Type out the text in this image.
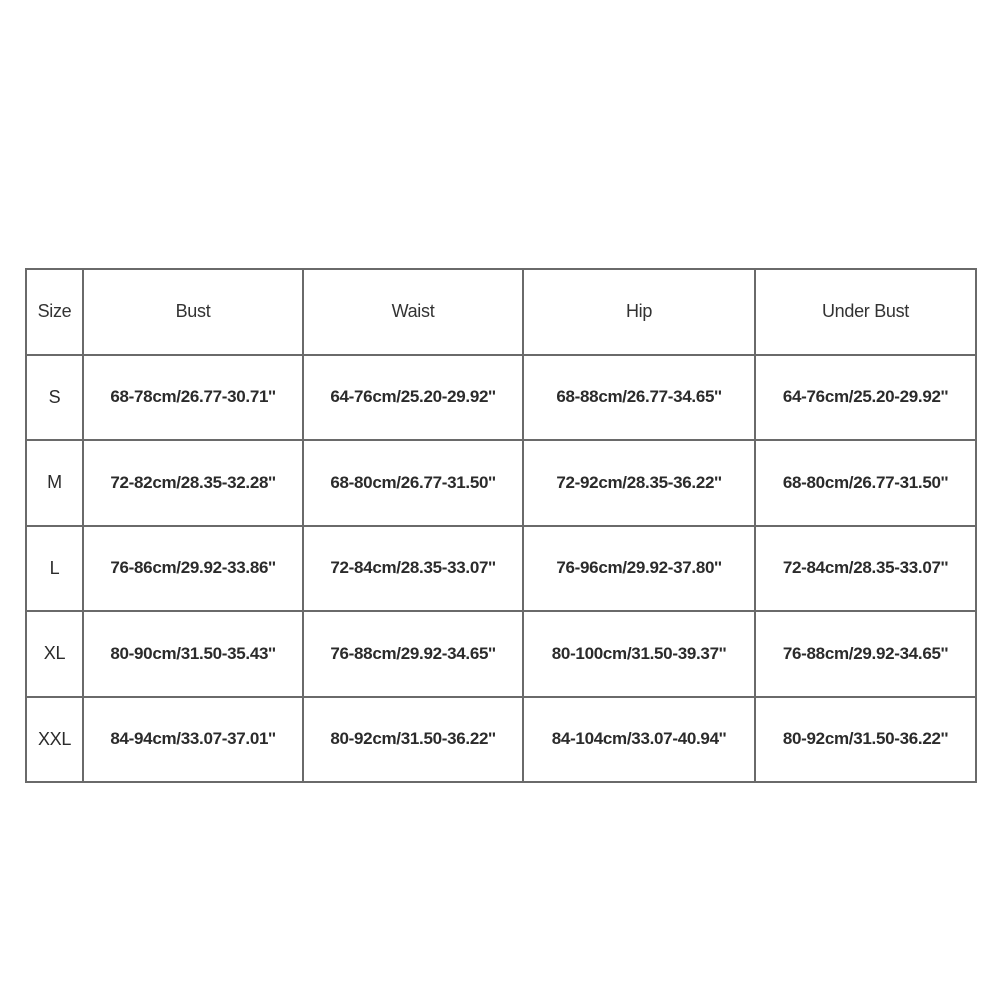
Size	Bust	Waist	Hip	Under Bust
S	68-78cm/26.77-30.71''	64-76cm/25.20-29.92''	68-88cm/26.77-34.65''	64-76cm/25.20-29.92''
M	72-82cm/28.35-32.28''	68-80cm/26.77-31.50''	72-92cm/28.35-36.22''	68-80cm/26.77-31.50''
L	76-86cm/29.92-33.86''	72-84cm/28.35-33.07''	76-96cm/29.92-37.80''	72-84cm/28.35-33.07''
XL	80-90cm/31.50-35.43''	76-88cm/29.92-34.65''	80-100cm/31.50-39.37''	76-88cm/29.92-34.65''
XXL	84-94cm/33.07-37.01''	80-92cm/31.50-36.22''	84-104cm/33.07-40.94''	80-92cm/31.50-36.22''
